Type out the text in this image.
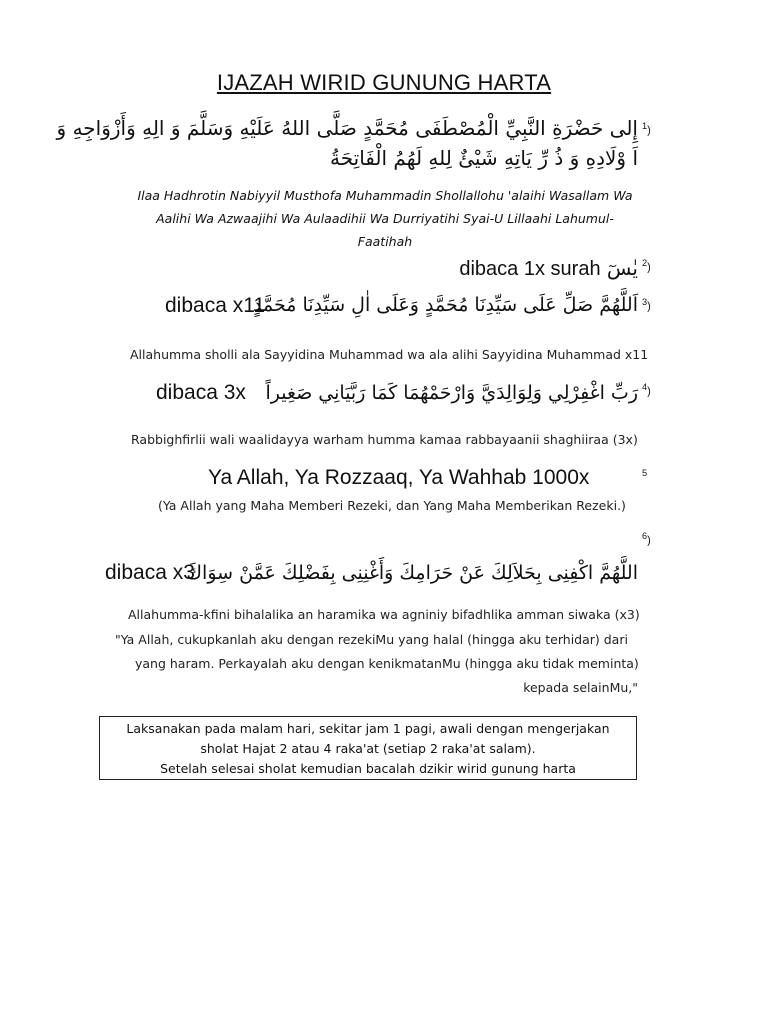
IJAZAH WIRID GUNUNG HARTA
$^1$)
إِلى حَضْرَةِ النَّبِيِّ الْمُصْطَفَى مُحَمَّدٍ صَلَّى اللهُ عَلَيْهِ وَسَلَّمَ وَ الِهِ وَأَزْوَاجِهِ وَ
اَ وْلَادِهِ وَ ذُ رِّ يَاتِهِ شَيْئٌ لِلهِ لَهُمُ الْفَاتِحَةُ
Ilaa Hadhrotin Nabiyyil Musthofa Muhammadin Shollallohu 'alaihi Wasallam Wa
Aalihi Wa Azwaajihi Wa Aulaadihii Wa Durriyatihi Syai-U Lillaahi Lahumul-
Faatihah
dibaca 1x surah يٰسٓ $^2$)
dibaca x11
اَللَّهُمَّ صَلِّ عَلَى سَيِّدِنَا مُحَمَّدٍ وَعَلَى اٰلِ سَيِّدِنَا مُحَمَّدٍ $^3$)
Allahumma sholli ala Sayyidina Muhammad wa ala alihi Sayyidina Muhammad x11
dibaca 3x رَبِّ اغْفِرْلِي وَلِوَالِدَيَّ وَارْحَمْهُمَا كَمَا رَبَّيَانِي صَغِيراً $^4$)
Rabbighfirlii wali waalidayya warham humma kamaa rabbayaanii shaghiiraa (3x)
Ya Allah, Ya Rozzaaq, Ya Wahhab 1000x	$^5$
(Ya Allah yang Maha Memberi Rezeki, dan Yang Maha Memberikan Rezeki.)
$^6$)
dibaca x3
اللَّهُمَّ اكْفِنِى بِحَلاَلِكَ عَنْ حَرَامِكَ وَأَغْنِنِى بِفَضْلِكَ عَمَّنْ سِوَاكَ
Allahumma-kfini bihalalika an haramika wa agniniy bifadhlika amman siwaka (x3)
"Ya Allah, cukupkanlah aku dengan rezekiMu yang halal (hingga aku terhidar) dari
yang haram. Perkayalah aku dengan kenikmatanMu (hingga aku tidak meminta)
kepada selainMu,"
Laksanakan pada malam hari, sekitar jam 1 pagi, awali dengan mengerjakan
sholat Hajat 2 atau 4 raka'at (setiap 2 raka'at salam).
Setelah selesai sholat kemudian bacalah dzikir wirid gunung harta
